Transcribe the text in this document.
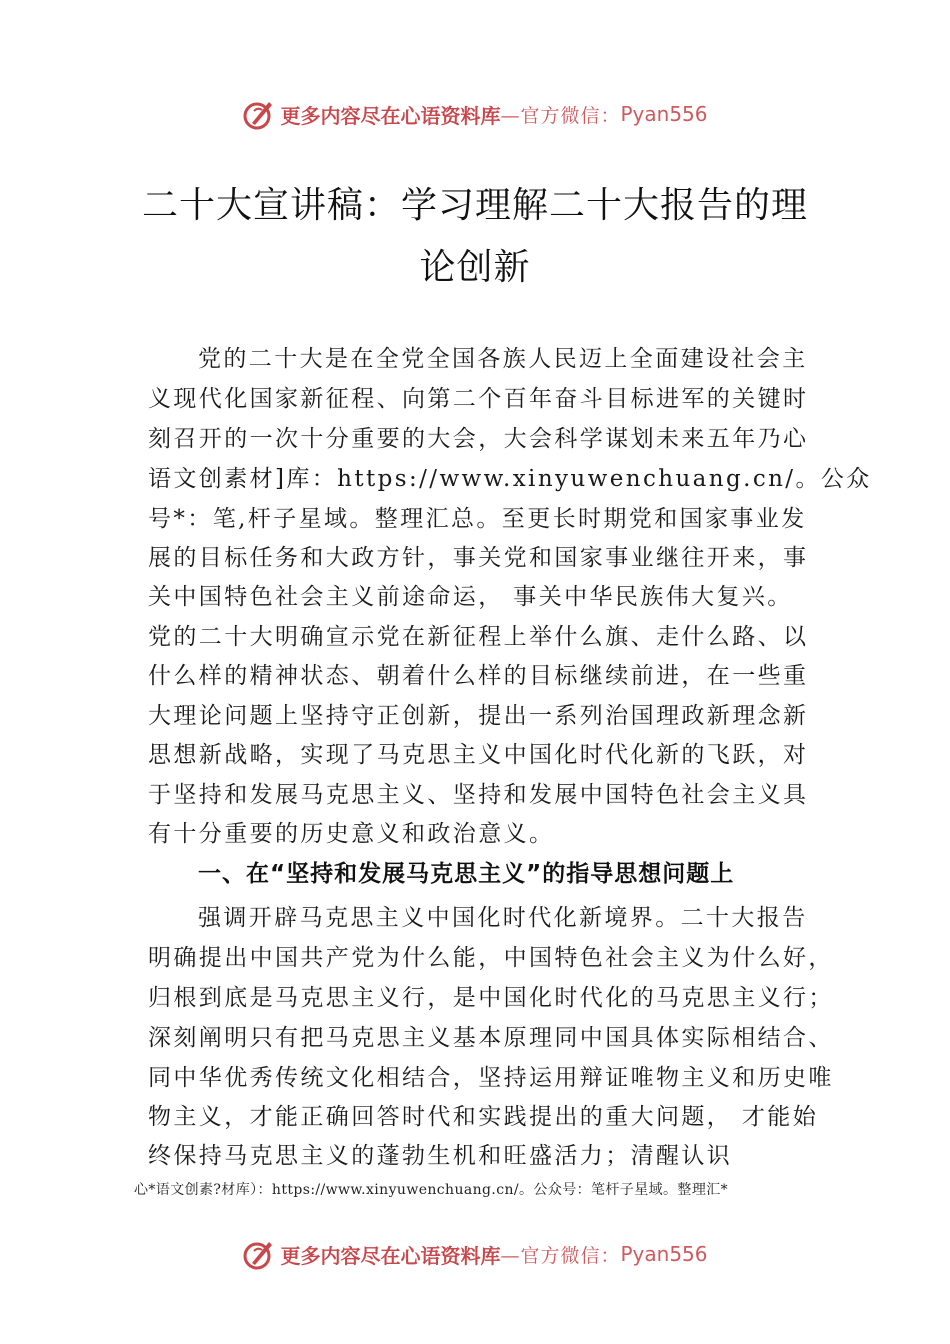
更多内容尽在心语资料库 —官方微信： Pyan556
二十大宣讲稿：学习理解二十大报告的理
论创新
党的二十大是在全党全国各族人民迈上全面建设社会主
义现代化国家新征程、向第二个百年奋斗目标进军的关键时
刻召开的一次十分重要的大会，大会科学谋划未来五年乃心
语文创素材]库：https://www.xinyuwenchuang.cn/。公众
号*：笔,杆子星域。整理汇总。至更长时期党和国家事业发
展的目标任务和大政方针，事关党和国家事业继往开来，事
关中国特色社会主义前途命运， 事关中华民族伟大复兴。
党的二十大明确宣示党在新征程上举什么旗、走什么路、以
什么样的精神状态、朝着什么样的目标继续前进，在一些重
大理论问题上坚持守正创新，提出一系列治国理政新理念新
思想新战略，实现了马克思主义中国化时代化新的飞跃，对
于坚持和发展马克思主义、坚持和发展中国特色社会主义具
有十分重要的历史意义和政治意义。
一、在“坚持和发展马克思主义”的指导思想问题上
强调开辟马克思主义中国化时代化新境界。二十大报告
明确提出中国共产党为什么能，中国特色社会主义为什么好，
归根到底是马克思主义行，是中国化时代化的马克思主义行；
深刻阐明只有把马克思主义基本原理同中国具体实际相结合、
同中华优秀传统文化相结合，坚持运用辩证唯物主义和历史唯
物主义，才能正确回答时代和实践提出的重大问题， 才能始
终保持马克思主义的蓬勃生机和旺盛活力；清醒认识
心*语文创素?材库）：https://www.xinyuwenchuang.cn/。公众号：笔杆子星域。整理汇*
更多内容尽在心语资料库 —官方微信： Pyan556
